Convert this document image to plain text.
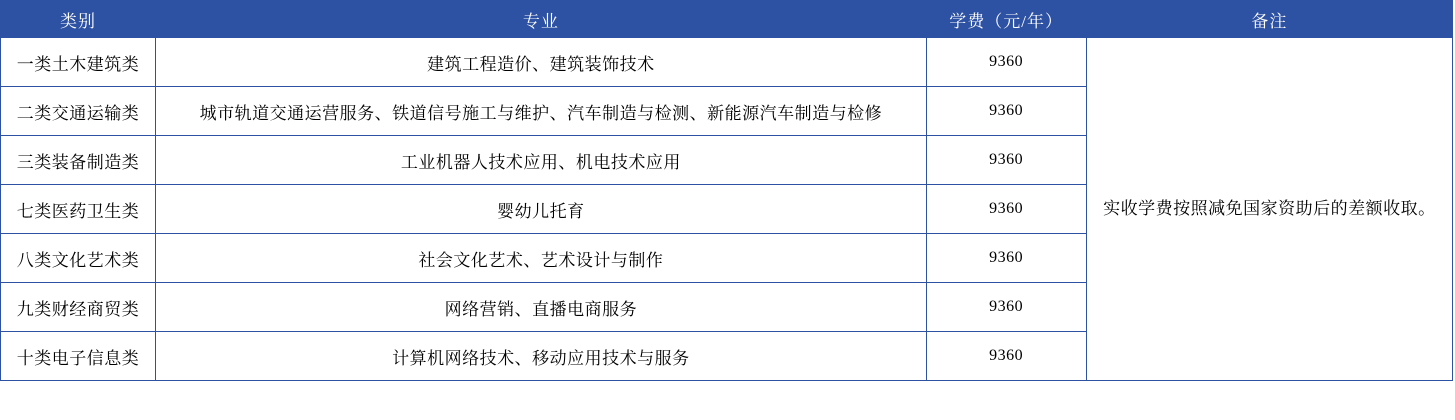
类别	专业	学费（元/年）	备注
一类土木建筑类	建筑工程造价、建筑装饰技术	9360	实收学费按照减免国家资助后的差额收取。
二类交通运输类	城市轨道交通运营服务、铁道信号施工与维护、汽车制造与检测、新能源汽车制造与检修	9360	
三类装备制造类	工业机器人技术应用、机电技术应用	9360	
七类医药卫生类	婴幼儿托育	9360	
八类文化艺术类	社会文化艺术、艺术设计与制作	9360	
九类财经商贸类	网络营销、直播电商服务	9360	
十类电子信息类	计算机网络技术、移动应用技术与服务	9360	
